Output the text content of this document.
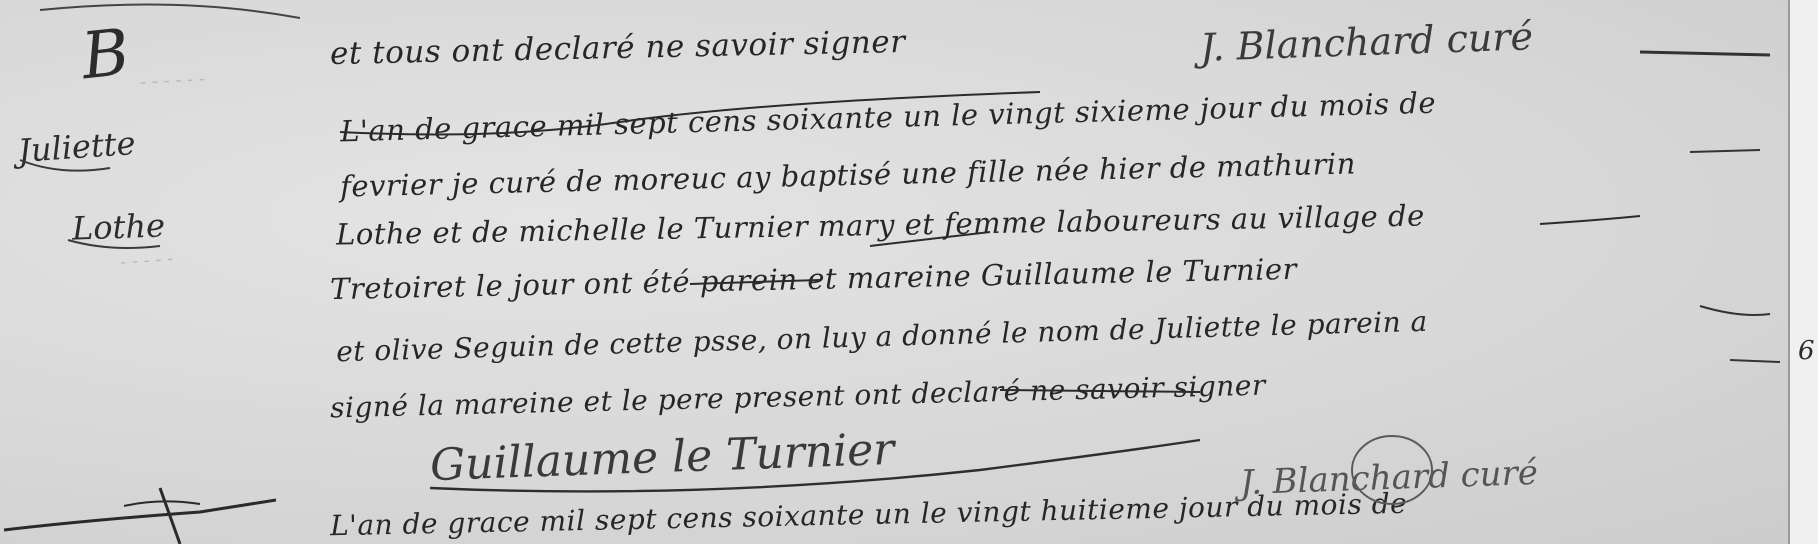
‑ ‑ ‑ ‑ ‑ ‑
‑ ‑ ‑ ‑ ‑
B
Juliette
Lothe
et tous ont declaré ne savoir signer
L'an de grace mil sept cens soixante un le vingt sixieme jour du mois de
fevrier je curé de moreuc ay baptisé une fille née hier de mathurin
Lothe et de michelle le Turnier mary et femme laboureurs au village de
Tretoiret le jour ont été parein et mareine Guillaume le Turnier
et olive Seguin de cette psse, on luy a donné le nom de Juliette le parein a
signé la mareine et le pere present ont declaré ne savoir signer
J. Blanchard curé
Guillaume le Turnier	J. Blanchard curé
L'an de grace mil sept cens soixante un le vingt huitieme jour du mois de
6
